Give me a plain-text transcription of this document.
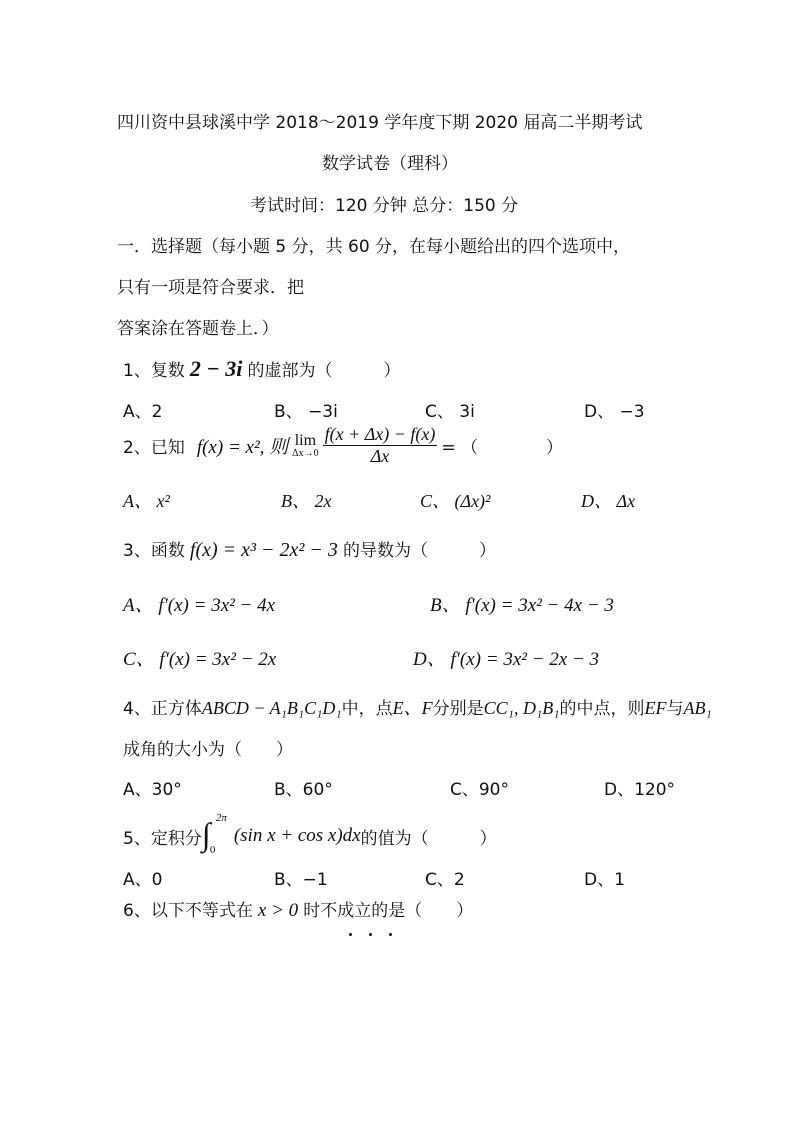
四川资中县球溪中学 2018～2019 学年度下期 2020 届高二半期考试
数学试卷（理科）
考试时间：120 分钟 总分：150 分
一．选择题（每小题 5 分，共 60 分，在每小题给出的四个选项中，
只有一项是符合要求．把
答案涂在答题卷上．）
1、复数 2 − 3i 的虚部为（　　　）
A、2	B、 −3i	C、 3i	D、 −3
2、 已知 f(x) = x², 则 lim
$\Delta x\to 0 \frac{f(x + \Delta x) - f(x)}{\Delta x}$ = （　　　　）
A、 x²	B、 2x	C、 (Δx)²	D、 Δx
3、函数 f(x) = x³ − 2x² − 3 的导数为（　　　）
A、 f′(x) = 3x² − 4x	B、 f′(x) = 3x² − 4x − 3
C、 f′(x) = 3x² − 2x	D、 f′(x) = 3x² − 2x − 3
4、正方体ABCD − A₁B₁C₁D₁中，点E、F分别是CC₁, D₁B₁的中点，则EF与AB₁
成角的大小为（　　）
A、30°	B、60°	C、90°	D、120°
5、 定积分 ∫ 2π
0
(sin x + cos x)dx 的值为（　　　）
A、0	B、−1	C、2	D、1
6、以下不等式在 x > 0 时不成立的是（　　）
